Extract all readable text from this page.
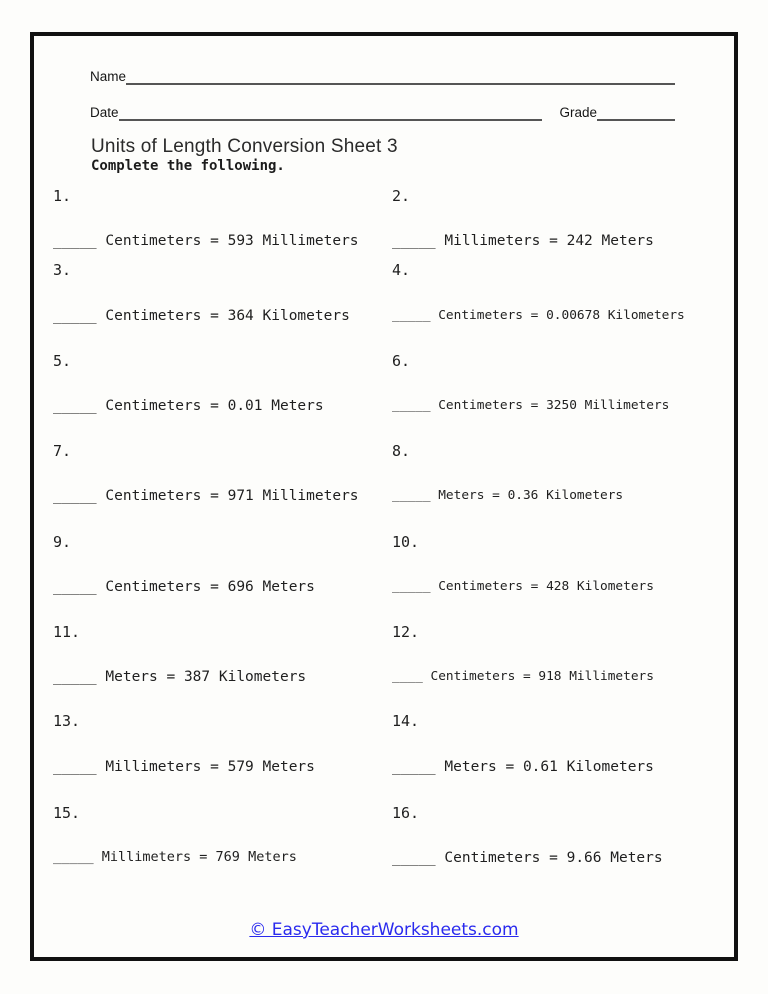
Name
Date	Grade
Units of Length Conversion Sheet 3
Complete the following.
1.
_____ Centimeters = 593 Millimeters
2.
_____ Millimeters = 242 Meters
3.
_____ Centimeters = 364 Kilometers
4.
_____ Centimeters = 0.00678 Kilometers
5.
_____ Centimeters = 0.01 Meters
6.
_____ Centimeters = 3250 Millimeters
7.
_____ Centimeters = 971 Millimeters
8.
_____ Meters = 0.36 Kilometers
9.
_____ Centimeters = 696 Meters
10.
_____ Centimeters = 428 Kilometers
11.
_____ Meters = 387 Kilometers
12.
____ Centimeters = 918 Millimeters
13.
_____ Millimeters = 579 Meters
14.
_____ Meters = 0.61 Kilometers
15.
_____ Millimeters = 769 Meters
16.
_____ Centimeters = 9.66 Meters
© EasyTeacherWorksheets.com
